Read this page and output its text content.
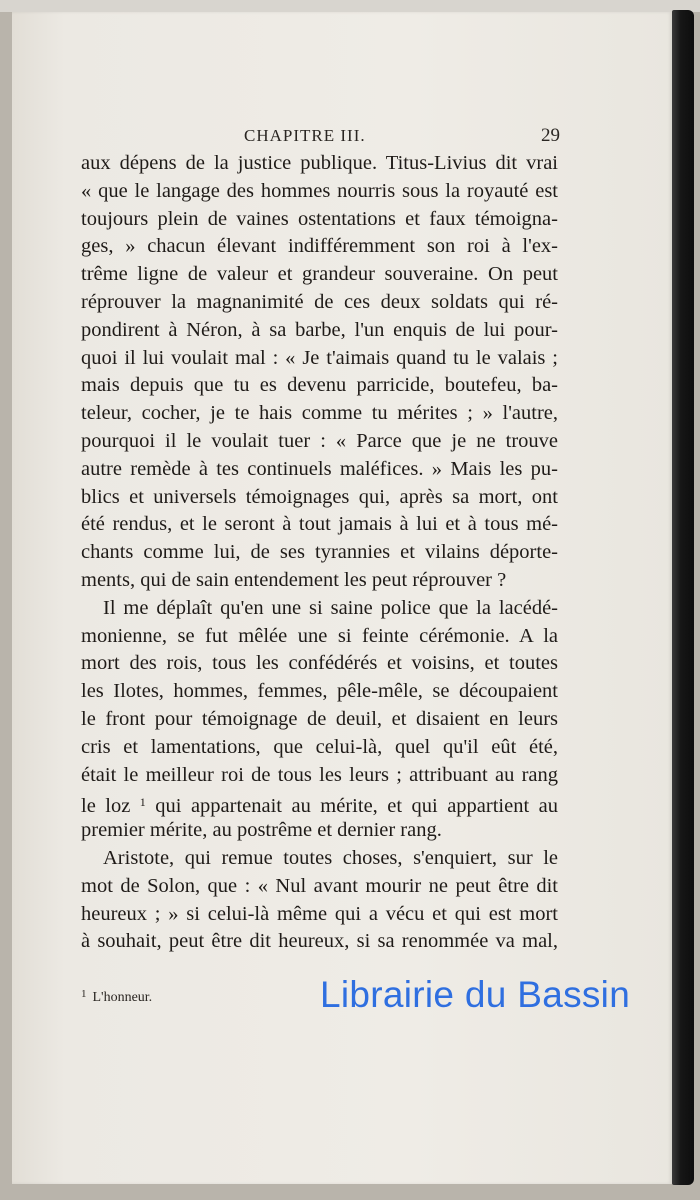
CHAPITRE III.	29
aux dépens de la justice publique. Titus-Livius dit vrai
« que le langage des hommes nourris sous la royauté est
toujours plein de vaines ostentations et faux témoigna-
ges, » chacun élevant indifféremment son roi à l'ex-
trême ligne de valeur et grandeur souveraine. On peut
réprouver la magnanimité de ces deux soldats qui ré-
pondirent à Néron, à sa barbe, l'un enquis de lui pour-
quoi il lui voulait mal : « Je t'aimais quand tu le valais ;
mais depuis que tu es devenu parricide, boutefeu, ba-
teleur, cocher, je te hais comme tu mérites ; » l'autre,
pourquoi il le voulait tuer : « Parce que je ne trouve
autre remède à tes continuels maléfices. » Mais les pu-
blics et universels témoignages qui, après sa mort, ont
été rendus, et le seront à tout jamais à lui et à tous mé-
chants comme lui, de ses tyrannies et vilains déporte-
ments, qui de sain entendement les peut réprouver ?
Il me déplaît qu'en une si saine police que la lacédé-
monienne, se fut mêlée une si feinte cérémonie. A la
mort des rois, tous les confédérés et voisins, et toutes
les Ilotes, hommes, femmes, pêle-mêle, se découpaient
le front pour témoignage de deuil, et disaient en leurs
cris et lamentations, que celui-là, quel qu'il eût été,
était le meilleur roi de tous les leurs ; attribuant au rang
le loz $^1$ qui appartenait au mérite, et qui appartient au
premier mérite, au postrême et dernier rang.
Aristote, qui remue toutes choses, s'enquiert, sur le
mot de Solon, que : « Nul avant mourir ne peut être dit
heureux ; » si celui-là même qui a vécu et qui est mort
à souhait, peut être dit heureux, si sa renommée va mal,
$^1$ L'honneur.	Librairie du Bassin
